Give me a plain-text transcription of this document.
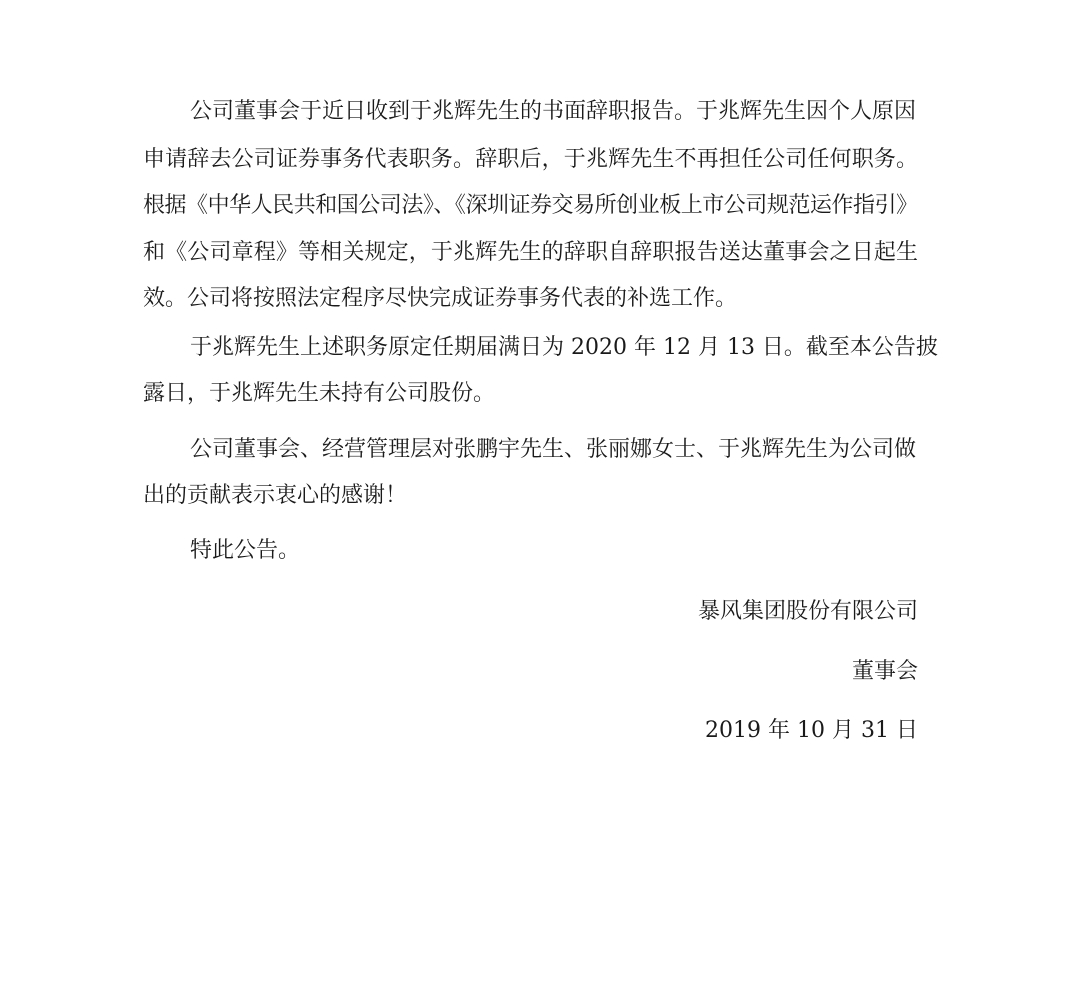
公司董事会于近日收到于兆辉先生的书面辞职报告。于兆辉先生因个人原因
申请辞去公司证券事务代表职务。辞职后，于兆辉先生不再担任公司任何职务。
根据《中华人民共和国公司法》、《深圳证券交易所创业板上市公司规范运作指引》
和《公司章程》等相关规定，于兆辉先生的辞职自辞职报告送达董事会之日起生
效。公司将按照法定程序尽快完成证券事务代表的补选工作。
于兆辉先生上述职务原定任期届满日为 2020 年 12 月 13 日。截至本公告披
露日，于兆辉先生未持有公司股份。
公司董事会、经营管理层对张鹏宇先生、张丽娜女士、于兆辉先生为公司做
出的贡献表示衷心的感谢！
特此公告。
暴风集团股份有限公司
董事会
2019 年 10 月 31 日
